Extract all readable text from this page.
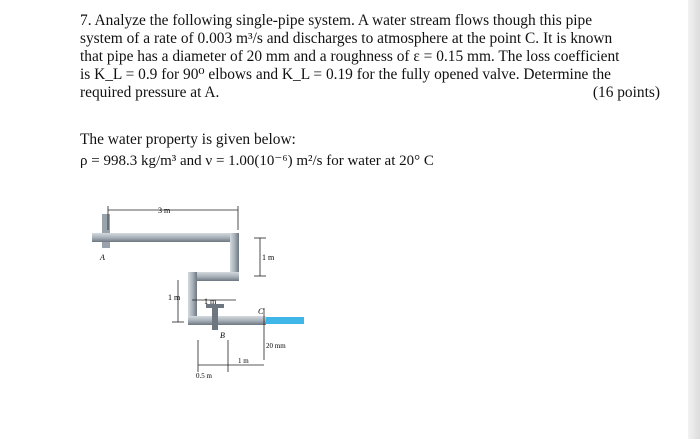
7. Analyze the following single-pipe system. A water stream flows though this pipe

system of a rate of 0.003 m³/s and discharges to atmosphere at the point C. It is known

that pipe has a diameter of 20 mm and a roughness of ε = 0.15 mm. The loss coefficient

is K_L = 0.9 for 90⁰ elbows and K_L = 0.19 for the fully opened valve. Determine the

required pressure at A.	(16 points)

The water property is given below:
ρ = 998.3 kg/m³ and ν = 1.00(10⁻⁶) m²/s for water at 20° C
3 m
A	1 m
1 m	1 m
B
C
20 mm
0.5 m
1 m
